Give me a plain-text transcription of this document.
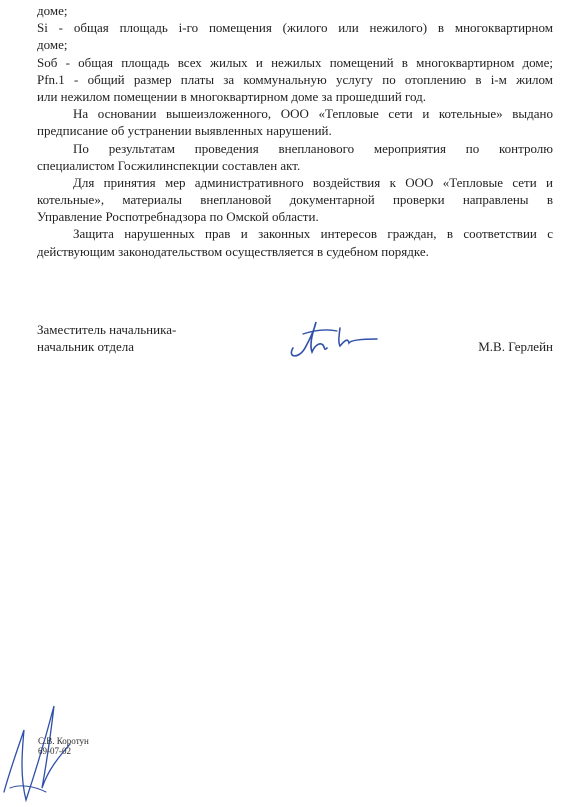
доме;
Si - общая площадь i-го помещения (жилого или нежилого) в многоквартирном
доме;
Sоб - общая площадь всех жилых и нежилых помещений в многоквартирном доме;
Pfn.1 - общий размер платы за коммунальную услугу по отоплению в i-м жилом
или нежилом помещении в многоквартирном доме за прошедший год.
На основании вышеизложенного, ООО «Тепловые сети и котельные» выдано
предписание об устранении выявленных нарушений.
По результатам проведения внепланового мероприятия по контролю
специалистом Госжилинспекции составлен акт.
Для принятия мер административного воздействия к ООО «Тепловые сети и
котельные», материалы внеплановой документарной проверки направлены в
Управление Роспотребнадзора по Омской области.
Защита нарушенных прав и законных интересов граждан, в соответствии с
действующим законодательством осуществляется в судебном порядке.
Заместитель начальника-
начальник отдела	М.В. Герлейн
С.В. Коротун
69-07-02
